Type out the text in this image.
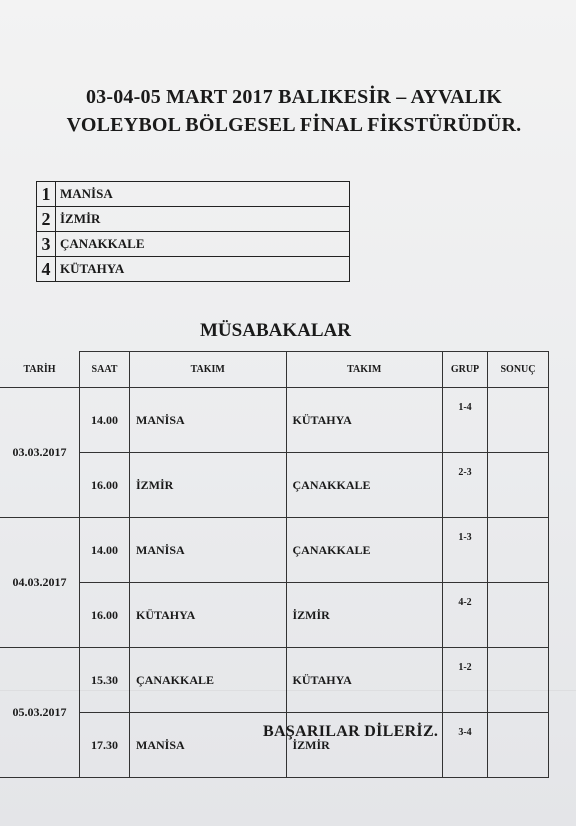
03-04-05 MART 2017 BALIKESİR – AYVALIK
VOLEYBOL BÖLGESEL FİNAL FİKSTÜRÜDÜR.
1	MANİSA
2	İZMİR
3	ÇANAKKALE
4	KÜTAHYA
MÜSABAKALAR
TARİH	SAAT	TAKIM	TAKIM	GRUP	SONUÇ
03.03.2017	14.00	MANİSA	KÜTAHYA	1-4	
	16.00	İZMİR	ÇANAKKALE	2-3	
04.03.2017	14.00	MANİSA	ÇANAKKALE	1-3	
	16.00	KÜTAHYA	İZMİR	4-2	
05.03.2017	15.30	ÇANAKKALE	KÜTAHYA	1-2	
	17.30	MANİSA	İZMİR	3-4	
BAŞARILAR DİLERİZ.
